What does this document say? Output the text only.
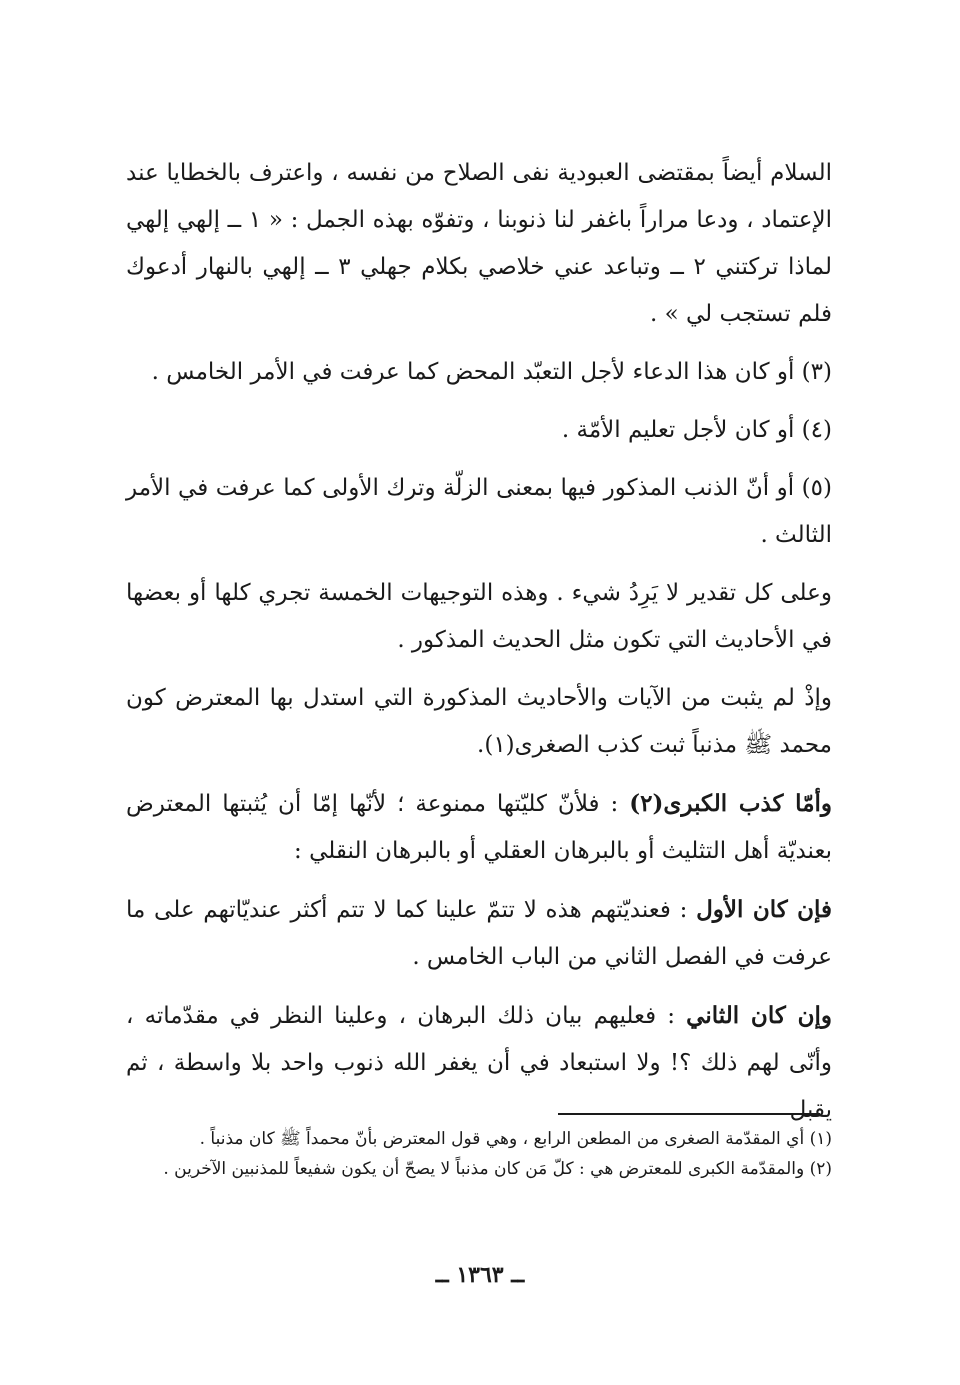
السلام أيضاً بمقتضى العبودية نفى الصلاح من نفسه ، واعترف بالخطايا عند الإعتماد ، ودعا مراراً باغفر لنا ذنوبنا ، وتفوّه بهذه الجمل : « ١ ــ إلهي إلهي لماذا تركتني ٢ ــ وتباعد عني خلاصي بكلام جهلي ٣ ــ إلهي بالنهار أدعوك فلم تستجب لي » .

(٣) أو كان هذا الدعاء لأجل التعبّد المحض كما عرفت في الأمر الخامس .

(٤) أو كان لأجل تعليم الأمّة .

(٥) أو أنّ الذنب المذكور فيها بمعنى الزلّة وترك الأولى كما عرفت في الأمر الثالث .

وعلى كل تقدير لا يَرِدُ شيء . وهذه التوجيهات الخمسة تجري كلها أو بعضها في الأحاديث التي تكون مثل الحديث المذكور .

وإذْ لم يثبت من الآيات والأحاديث المذكورة التي استدل بها المعترض كون محمد ﷺ مذنباً ثبت كذب الصغرى(١).

وأمّا كذب الكبرى(٢) : فلأنّ كليّتها ممنوعة ؛ لأنّها إمّا أن يُثبتها المعترض بعنديّة أهل التثليث أو بالبرهان العقلي أو بالبرهان النقلي :

فإن كان الأول : فعنديّتهم هذه لا تتمّ علينا كما لا تتم أكثر عنديّاتهم على ما عرفت في الفصل الثاني من الباب الخامس .

وإن كان الثاني : فعليهم بيان ذلك البرهان ، وعلينا النظر في مقدّماته ، وأنّى لهم ذلك ؟! ولا استبعاد في أن يغفر الله ذنوب واحد بلا واسطة ، ثم يقبل

(١) أي المقدّمة الصغرى من المطعن الرابع ، وهي قول المعترض بأنّ محمداً ﷺ كان مذنباً .

(٢) والمقدّمة الكبرى للمعترض هي : كلّ مَن كان مذنباً لا يصحّ أن يكون شفيعاً للمذنبين الآخرين .

ــ ١٣٦٣ ــ
